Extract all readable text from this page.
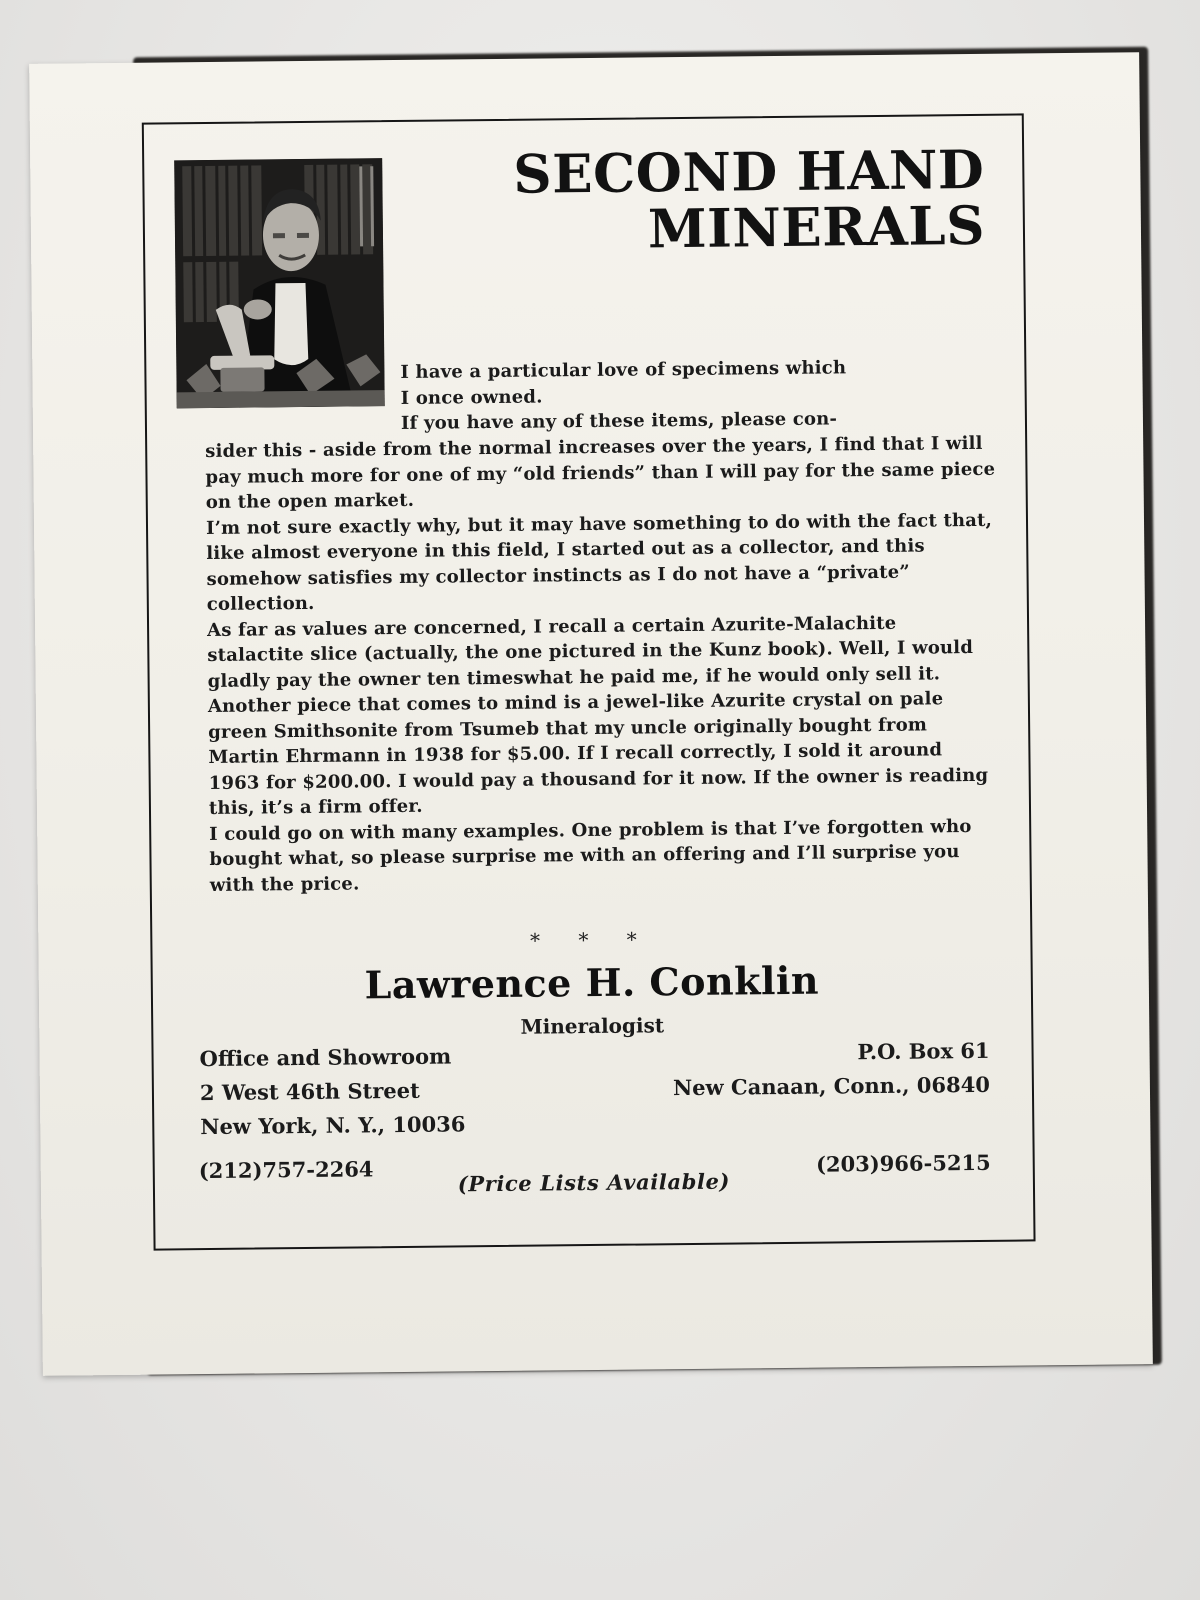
SECOND HAND
MINERALS

I have a particular love of specimens which

I once owned.

If you have any of these items, please con-

sider this - aside from the normal increases over the years, I find that I will pay much more for one of my “old friends” than I will pay for the same piece on the open market.

I’m not sure exactly why, but it may have something to do with the fact that, like almost everyone in this field, I started out as a collector, and this somehow satisfies my collector instincts as I do not have a “private” collection.

As far as values are concerned, I recall a certain Azurite-Malachite stalactite slice (actually, the one pictured in the Kunz book). Well, I would gladly pay the owner ten timeswhat he paid me, if he would only sell it.

Another piece that comes to mind is a jewel-like Azurite crystal on pale green Smithsonite from Tsumeb that my uncle originally bought from Martin Ehrmann in 1938 for $5.00. If I recall correctly, I sold it around 1963 for $200.00. I would pay a thousand for it now. If the owner is reading this, it’s a firm offer.

I could go on with many examples. One problem is that I’ve forgotten who bought what, so please surprise me with an offering and I’ll surprise you with the price.

* * *
Lawrence H. Conklin
Mineralogist
Office and Showroom
2 West 46th Street
New York, N. Y., 10036
P.O. Box 61
New Canaan, Conn., 06840
(212)757-2264	(203)966-5215
(Price Lists Available)
